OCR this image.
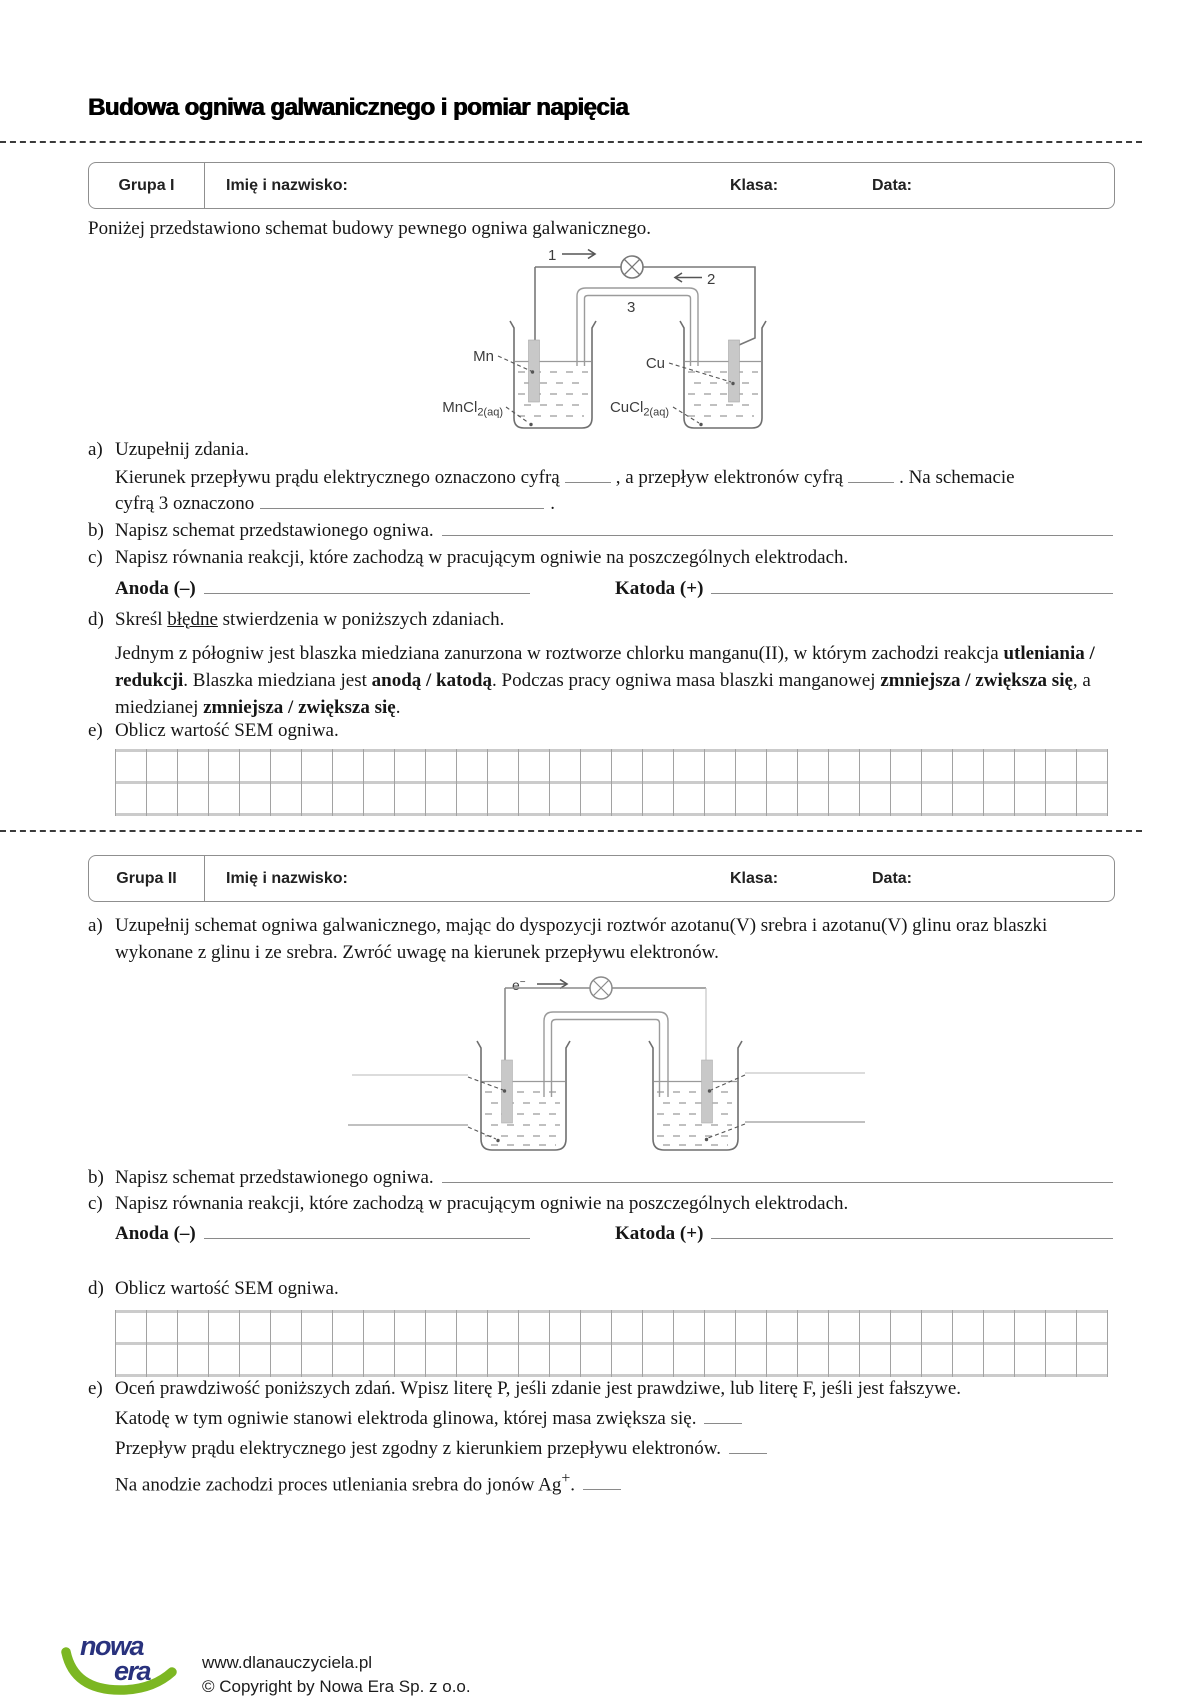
Budowa ogniwa galwanicznego i pomiar napięcia
Grupa I	Imię i nazwisko:	Klasa:	Data:
Poniżej przedstawiono schemat budowy pewnego ogniwa galwanicznego.
1
2
3
Mn
MnCl$_{2(aq)}$
Cu
CuCl$_{2(aq)}$
a) Uzupełnij zdania.
Kierunek przepływu prądu elektrycznego oznaczono cyfrą	, a przepływ elektronów cyfrą	. Na schemacie
cyfrą 3 oznaczono	.
b) Napisz schemat przedstawionego ogniwa.
c) Napisz równania reakcji, które zachodzą w pracującym ogniwie na poszczególnych elektrodach.
Anoda (–)	Katoda (+)
d) Skreśl błędne stwierdzenia w poniższych zdaniach.
Jednym z półogniw jest blaszka miedziana zanurzona w roztworze chlorku manganu(II), w którym zachodzi reakcja utleniania / redukcji. Blaszka miedziana jest anodą / katodą. Podczas pracy ogniwa masa blaszki manganowej zmniejsza / zwiększa się, a miedzianej zmniejsza / zwiększa się.
e) Oblicz wartość SEM ogniwa.
Grupa II	Imię i nazwisko:	Klasa:	Data:
a) Uzupełnij schemat ogniwa galwanicznego, mając do dyspozycji roztwór azotanu(V) srebra i azotanu(V) glinu oraz blaszki
wykonane z glinu i ze srebra. Zwróć uwagę na kierunek przepływu elektronów.
e−
b) Napisz schemat przedstawionego ogniwa.
c) Napisz równania reakcji, które zachodzą w pracującym ogniwie na poszczególnych elektrodach.
Anoda (–)	Katoda (+)
d) Oblicz wartość SEM ogniwa.
e) Oceń prawdziwość poniższych zdań. Wpisz literę P, jeśli zdanie jest prawdziwe, lub literę F, jeśli jest fałszywe.
Katodę w tym ogniwie stanowi elektroda glinowa, której masa zwiększa się.
Przepływ prądu elektrycznego jest zgodny z kierunkiem przepływu elektronów.
Na anodzie zachodzi proces utleniania srebra do jonów Ag+.
nowa
era	www.dlanauczyciela.pl
© Copyright by Nowa Era Sp. z o.o.
